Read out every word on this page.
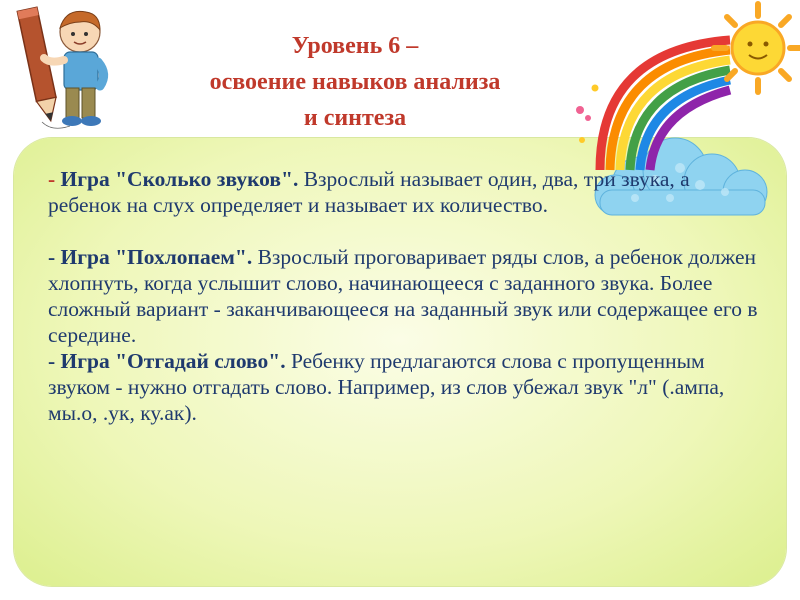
Уровень 6 –
освоение навыков анализа
и синтеза

- Игра "Сколько звуков". Взрослый называет один, два, три звука, а ребенок на слух определяет и называет их количество.

- Игра "Похлопаем". Взрослый проговаривает ряды слов, а ребенок должен хлопнуть, когда услышит слово, начинающееся с заданного звука. Более сложный вариант - заканчивающееся на заданный звук или содержащее его в середине.

- Игра "Отгадай слово". Ребенку предлагаются слова с пропущенным звуком - нужно отгадать слово. Например, из слов убежал звук "л" (.ампа, мы.о, .ук, ку.ак).
